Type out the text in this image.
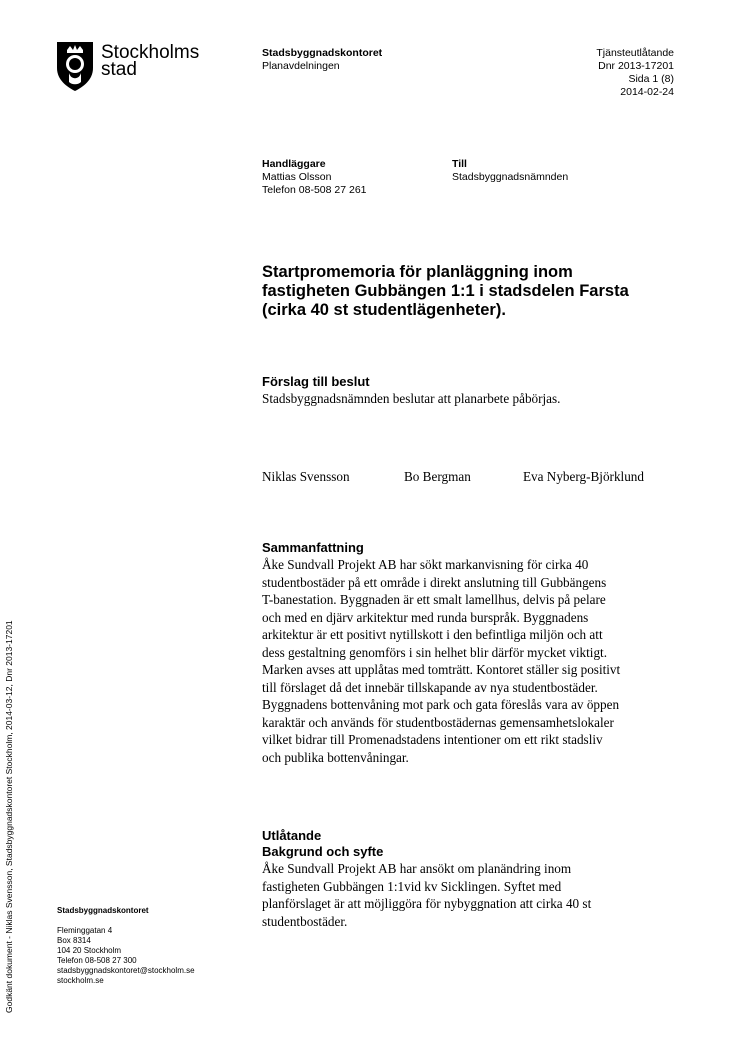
Stockholms
stad
Stadsbyggnadskontoret
Planavdelningen
Tjänsteutlåtande
Dnr 2013-17201
Sida 1 (8)
2014-02-24
Handläggare
Mattias Olsson
Telefon 08-508 27 261
Till
Stadsbyggnadsnämnden
Startpromemoria för planläggning inom
fastigheten Gubbängen 1:1 i stadsdelen Farsta
(cirka 40 st studentlägenheter).
Förslag till beslut
Stadsbyggnadsnämnden beslutar att planarbete påbörjas.
Niklas Svensson	Bo Bergman	Eva Nyberg-Björklund
Sammanfattning
Åke Sundvall Projekt AB har sökt markanvisning för cirka 40
studentbostäder på ett område i direkt anslutning till Gubbängens
T-banestation. Byggnaden är ett smalt lamellhus, delvis på pelare
och med en djärv arkitektur med runda burspråk. Byggnadens
arkitektur är ett positivt nytillskott i den befintliga miljön och att
dess gestaltning genomförs i sin helhet blir därför mycket viktigt.
Marken avses att upplåtas med tomträtt. Kontoret ställer sig positivt
till förslaget då det innebär tillskapande av nya studentbostäder.
Byggnadens bottenvåning mot park och gata föreslås vara av öppen
karaktär och används för studentbostädernas gemensamhetslokaler
vilket bidrar till Promenadstadens intentioner om ett rikt stadsliv
och publika bottenvåningar.
Utlåtande
Bakgrund och syfte
Åke Sundvall Projekt AB har ansökt om planändring inom
fastigheten Gubbängen 1:1vid kv Sicklingen. Syftet med
planförslaget är att möjliggöra för nybyggnation att cirka 40 st
studentbostäder.
Stadsbyggnadskontoret
Fleminggatan 4
Box 8314
104 20 Stockholm
Telefon 08-508 27 300
stadsbyggnadskontoret@stockholm.se
stockholm.se
Godkänt dokument - Niklas Svensson, Stadsbyggnadskontoret Stockholm, 2014-03-12, Dnr 2013-17201
